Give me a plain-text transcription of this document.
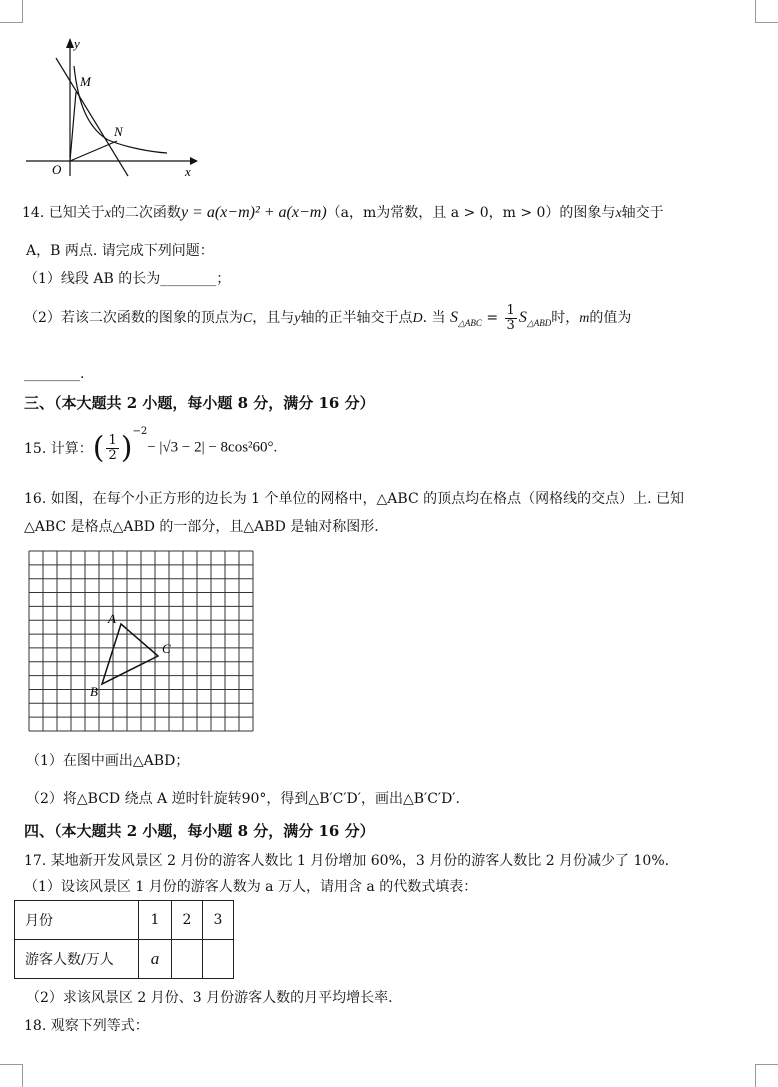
y
x
O
M
N
14. 已知关于x的二次函数y = a(x−m)² + a(x−m)（a，m为常数，且 a > 0，m > 0）的图象与x轴交于
A，B 两点. 请完成下列问题：
（1）线段 AB 的长为________；
（2）若该二次函数的图象的顶点为C，且与y轴的正半轴交于点D. 当 $S_{\triangle ABC} = \frac{1}{3} S_{\triangle ABD}$时，m的值为
________.
三、（本大题共 2 小题，每小题 8 分，满分 16 分）
15. 计算：( $\frac{1}{2} )^{-2}- |√3 - 2| - 8\cos^260^\circ$.
16. 如图，在每个小正方形的边长为 1 个单位的网格中，△ABC 的顶点均在格点（网格线的交点）上. 已知
△ABC 是格点△ABD 的一部分，且△ABD 是轴对称图形.
A
B
C
（1）在图中画出△ABD；
（2）将△BCD 绕点 A 逆时针旋转90°，得到△B′C′D′，画出△B′C′D′.
四、（本大题共 2 小题，每小题 8 分，满分 16 分）
17. 某地新开发风景区 2 月份的游客人数比 1 月份增加 60%，3 月份的游客人数比 2 月份减少了 10%.
（1）设该风景区 1 月份的游客人数为 a 万人，请用含 a 的代数式填表：
月份	1	2	3
游客人数/万人	a		
（2）求该风景区 2 月份、3 月份游客人数的月平均增长率.
18. 观察下列等式：
